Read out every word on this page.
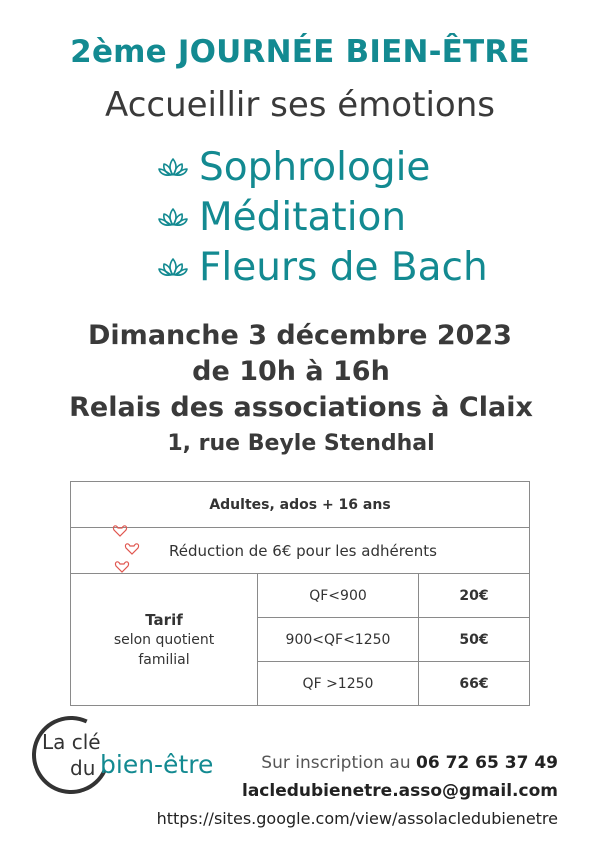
2ème JOURNÉE BIEN-ÊTRE
Accueillir ses émotions
Sophrologie
Méditation
Fleurs de Bach
Dimanche 3 décembre 2023
de 10h à 16h
Relais des associations à Claix
1, rue Beyle Stendhal
Adultes, ados + 16 ans		
Réduction de 6€ pour les adhérents		

Tarif
selon quotient
familial	QF<900	20€
	900<QF<1250	50€
	QF >1250	66€
La clé
du bien-être	Sur inscription au 06 72 65 37 49
lacledubienetre.asso@gmail.com
https://sites.google.com/view/assolacledubienetre
